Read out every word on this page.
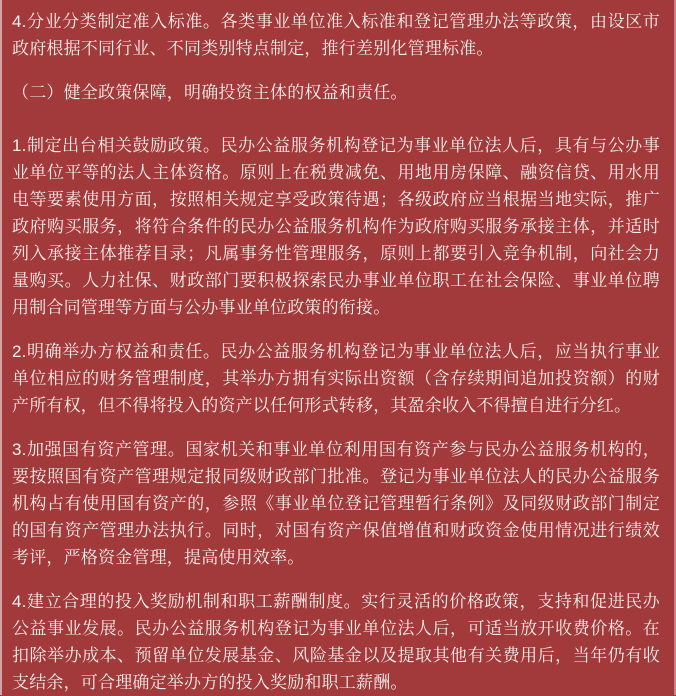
4.分业分类制定准入标准。各类事业单位准入标准和登记管理办法等政策，由设区市政府根据不同行业、不同类别特点制定，推行差别化管理标准。

（二）健全政策保障，明确投资主体的权益和责任。

1.制定出台相关鼓励政策。民办公益服务机构登记为事业单位法人后，具有与公办事业单位平等的法人主体资格。原则上在税费减免、用地用房保障、融资信贷、用水用电等要素使用方面，按照相关规定享受政策待遇；各级政府应当根据当地实际，推广政府购买服务，将符合条件的民办公益服务机构作为政府购买服务承接主体，并适时列入承接主体推荐目录；凡属事务性管理服务，原则上都要引入竞争机制，向社会力量购买。人力社保、财政部门要积极探索民办事业单位职工在社会保险、事业单位聘用制合同管理等方面与公办事业单位政策的衔接。

2.明确举办方权益和责任。民办公益服务机构登记为事业单位法人后，应当执行事业单位相应的财务管理制度，其举办方拥有实际出资额（含存续期间追加投资额）的财产所有权，但不得将投入的资产以任何形式转移，其盈余收入不得擅自进行分红。

3.加强国有资产管理。国家机关和事业单位利用国有资产参与民办公益服务机构的，要按照国有资产管理规定报同级财政部门批准。登记为事业单位法人的民办公益服务机构占有使用国有资产的，参照《事业单位登记管理暂行条例》及同级财政部门制定的国有资产管理办法执行。同时，对国有资产保值增值和财政资金使用情况进行绩效考评，严格资金管理，提高使用效率。

4.建立合理的投入奖励机制和职工薪酬制度。实行灵活的价格政策，支持和促进民办公益事业发展。民办公益服务机构登记为事业单位法人后，可适当放开收费价格。在扣除举办成本、预留单位发展基金、风险基金以及提取其他有关费用后，当年仍有收支结余，可合理确定举办方的投入奖励和职工薪酬。
